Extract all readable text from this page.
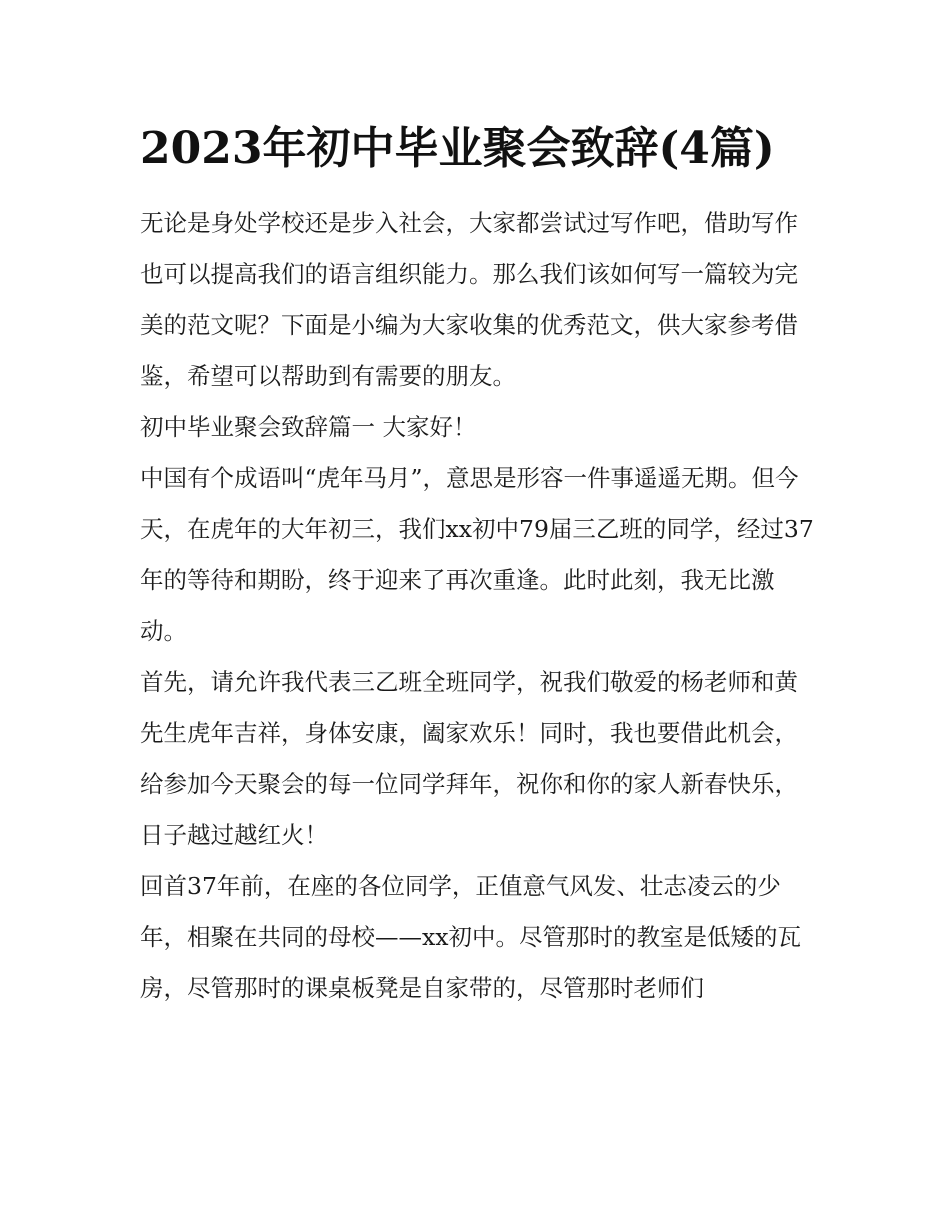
2023年初中毕业聚会致辞(4篇)

无论是身处学校还是步入社会，大家都尝试过写作吧，借助写作也可以提高我们的语言组织能力。那么我们该如何写一篇较为完美的范文呢？下面是小编为大家收集的优秀范文，供大家参考借鉴，希望可以帮助到有需要的朋友。

初中毕业聚会致辞篇一 大家好！

中国有个成语叫“虎年马月”，意思是形容一件事遥遥无期。但今天，在虎年的大年初三，我们xx初中79届三乙班的同学，经过37年的等待和期盼，终于迎来了再次重逢。此时此刻，我无比激动。

首先，请允许我代表三乙班全班同学，祝我们敬爱的杨老师和黄先生虎年吉祥，身体安康，阖家欢乐！同时，我也要借此机会，给参加今天聚会的每一位同学拜年，祝你和你的家人新春快乐，日子越过越红火！

回首37年前，在座的各位同学，正值意气风发、壮志凌云的少年，相聚在共同的母校——xx初中。尽管那时的教室是低矮的瓦房，尽管那时的课桌板凳是自家带的，尽管那时老师们
